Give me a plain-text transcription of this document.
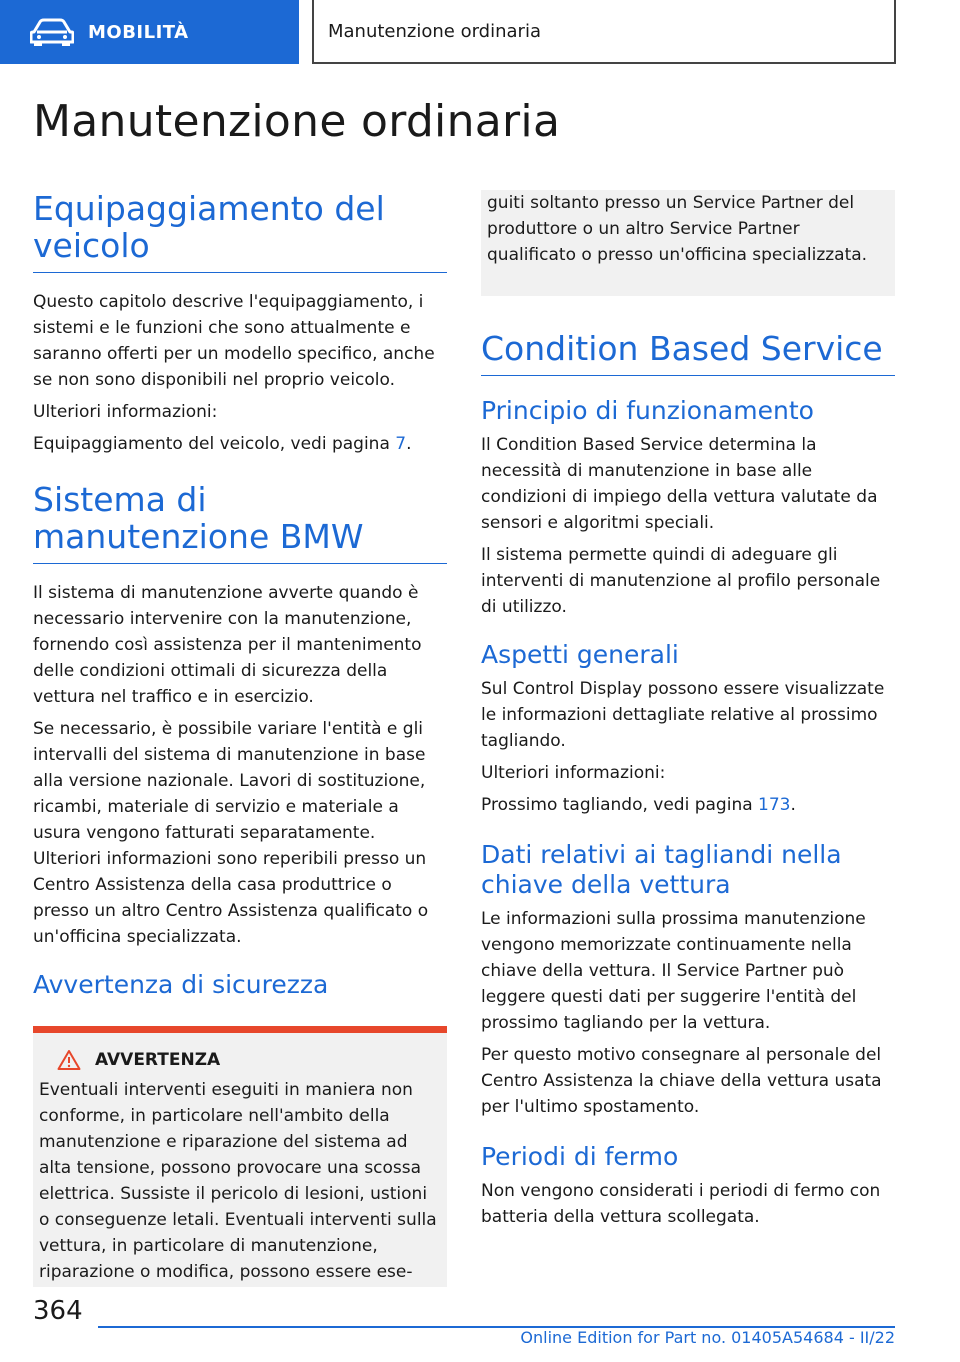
MOBILITÀ	Manutenzione ordinaria
Manutenzione ordinaria
Equipaggiamento del veicolo

Questo capitolo descrive l'equipaggiamento, i sistemi e le funzioni che sono attualmente e saranno offerti per un modello specifico, anche se non sono disponibili nel proprio veicolo.

Ulteriori informazioni:

Equipaggiamento del veicolo, vedi pagina 7.

Sistema di manutenzione BMW

Il sistema di manutenzione avverte quando è necessario intervenire con la manutenzione, fornendo così assistenza per il mantenimento delle condizioni ottimali di sicurezza della vettura nel traffico e in esercizio.

Se necessario, è possibile variare l'entità e gli intervalli del sistema di manutenzione in base alla versione nazionale. Lavori di sostituzione, ricambi, materiale di servizio e materiale a usura vengono fatturati separatamente. Ulteriori informazioni sono reperibili presso un Centro Assistenza della casa produttrice o presso un altro Centro Assistenza qualificato o un'officina specializzata.

Avvertenza di sicurezza
AVVERTENZA

Eventuali interventi eseguiti in maniera non conforme, in particolare nell'ambito della manutenzione e riparazione del sistema ad alta tensione, possono provocare una scossa elettrica. Sussiste il pericolo di lesioni, ustioni o conseguenze letali. Eventuali interventi sulla vettura, in particolare di manutenzione, riparazione o modifica, possono essere ese-

guiti soltanto presso un Service Partner del produttore o un altro Service Partner qualificato o presso un'officina specializzata.

Condition Based Service
Principio di funzionamento

Il Condition Based Service determina la necessità di manutenzione in base alle condizioni di impiego della vettura valutate da sensori e algoritmi speciali.

Il sistema permette quindi di adeguare gli interventi di manutenzione al profilo personale di utilizzo.

Aspetti generali

Sul Control Display possono essere visualizzate le informazioni dettagliate relative al prossimo tagliando.

Ulteriori informazioni:

Prossimo tagliando, vedi pagina 173.

Dati relativi ai tagliandi nella chiave della vettura

Le informazioni sulla prossima manutenzione vengono memorizzate continuamente nella chiave della vettura. Il Service Partner può leggere questi dati per suggerire l'entità del prossimo tagliando per la vettura.

Per questo motivo consegnare al personale del Centro Assistenza la chiave della vettura usata per l'ultimo spostamento.

Periodi di fermo

Non vengono considerati i periodi di fermo con batteria della vettura scollegata.

364
Online Edition for Part no. 01405A54684 - II/22
